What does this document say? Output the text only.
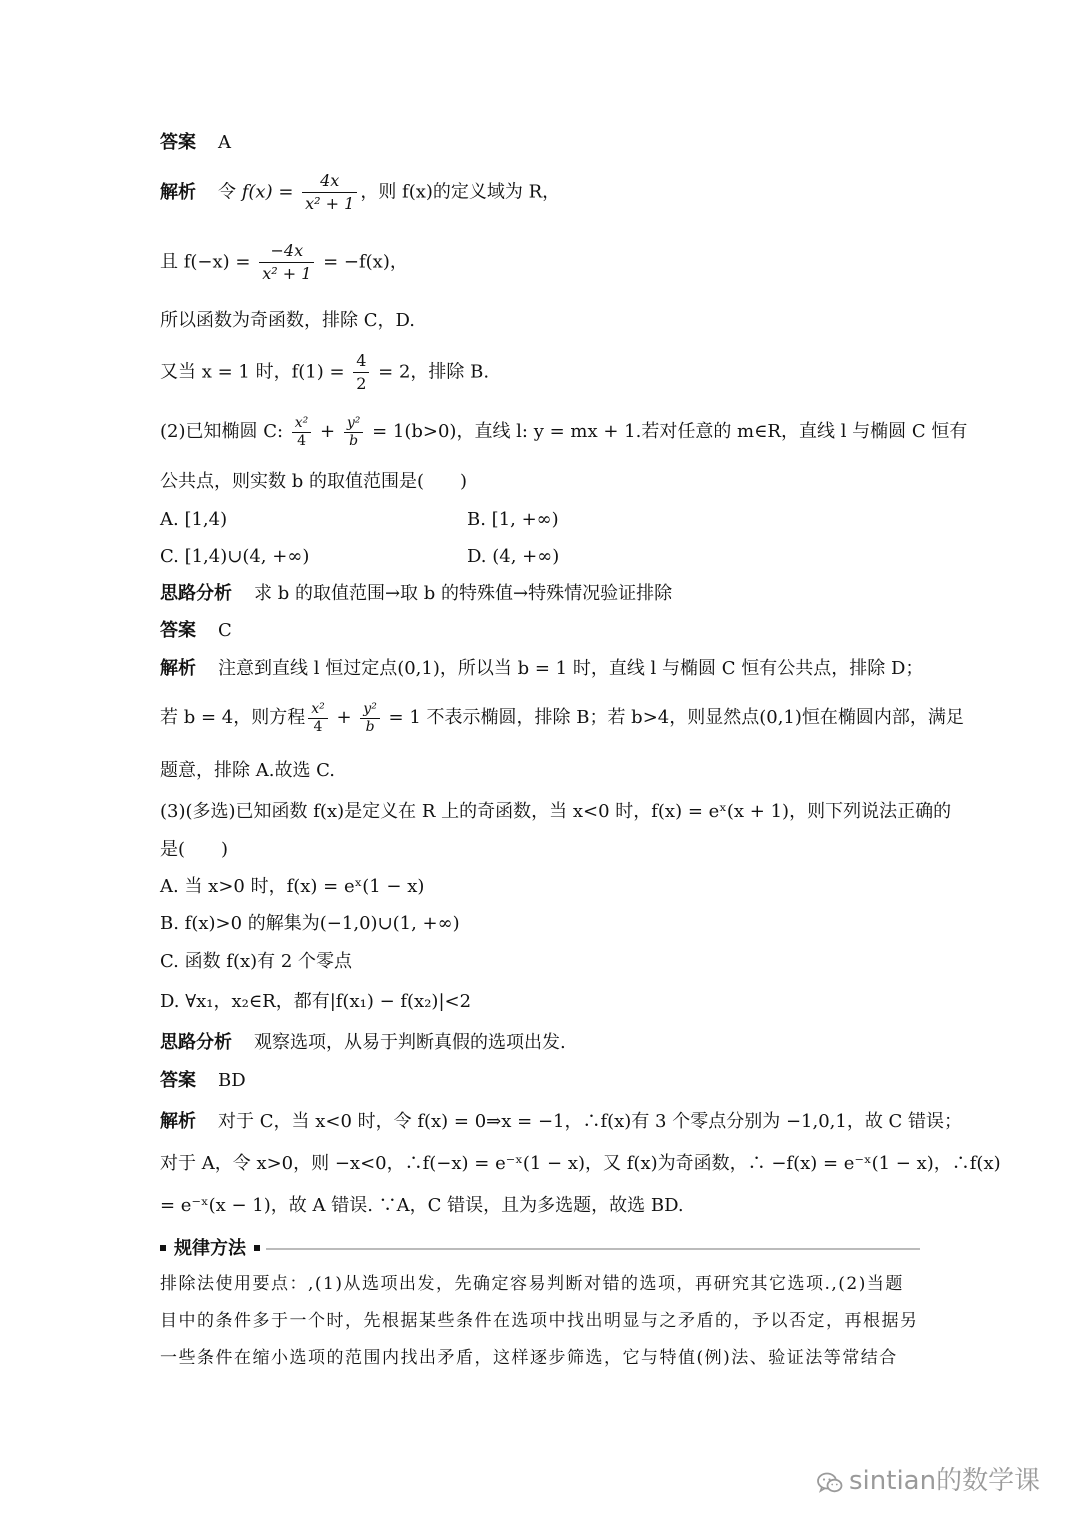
答案 A
解析 令 $f(x) = \frac{4x}{\text{x² + 1}}$ ，则 f(x)的定义域为 R，
且 $f(-x) = \frac{-4x}{\text{x² + 1}} = -f(x)$，
所以函数为奇函数，排除 C，D.
又当 x = 1 时，$f(1) = \frac{4}{2} = 2$，排除 B.
(2)已知椭圆 C: $\frac{\text{x²}}{4} + \frac{\text{y²}}{b} = 1(b>0)$，直线 l: y = mx + 1.若对任意的 m∈R，直线 l 与椭圆 C 恒有
公共点，则实数 b 的取值范围是(　　)
A. [1,4)	B. [1, +∞)
C. [1,4)∪(4, +∞)	D. (4, +∞)
思路分析 求 b 的取值范围→取 b 的特殊值→特殊情况验证排除
答案 C
解析 注意到直线 l 恒过定点(0,1)，所以当 b = 1 时，直线 l 与椭圆 C 恒有公共点，排除 D；
若 b = 4，则方程 $\frac{\text{x²}}{4} + \frac{\text{y²}}{b} = 1$ 不表示椭圆，排除 B；若 b>4，则显然点(0,1)恒在椭圆内部，满足
题意，排除 A.故选 C.
(3)(多选)已知函数 f(x)是定义在 R 上的奇函数，当 x<0 时，f(x) = eˣ(x + 1)，则下列说法正确的
是(　　)
A. 当 x>0 时，f(x) = eˣ(1 − x)
B. f(x)>0 的解集为(−1,0)∪(1, +∞)
C. 函数 f(x)有 2 个零点
D. ∀x₁，x₂∈R，都有|f(x₁) − f(x₂)|<2
思路分析 观察选项，从易于判断真假的选项出发.
答案 BD
解析 对于 C，当 x<0 时，令 f(x) = 0⇒x = −1，∴f(x)有 3 个零点分别为 −1,0,1，故 C 错误；
对于 A，令 x>0，则 −x<0，∴f(−x) = e⁻ˣ(1 − x)，又 f(x)为奇函数，∴ −f(x) = e⁻ˣ(1 − x)，∴f(x)
= e⁻ˣ(x − 1)，故 A 错误. ∵A，C 错误，且为多选题，故选 BD.
规律方法
排除法使用要点：,(1)从选项出发，先确定容易判断对错的选项，再研究其它选项.,(2)当题目中的条件多于一个时，先根据某些条件在选项中找出明显与之矛盾的，予以否定，再根据另一些条件在缩小选项的范围内找出矛盾，这样逐步筛选，它与特值(例)法、验证法等常结合
sintian的数学课
